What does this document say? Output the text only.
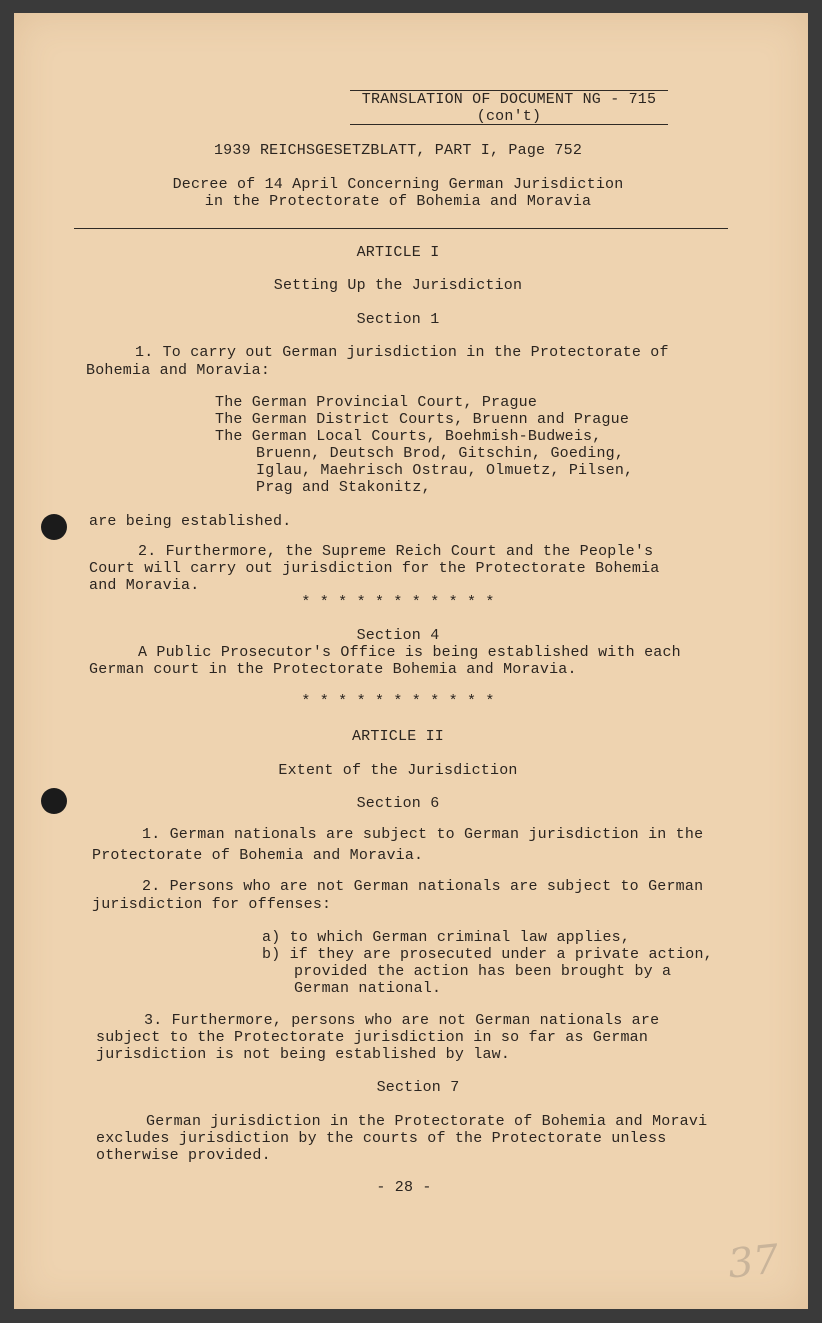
TRANSLATION OF DOCUMENT NG - 715
(con't)
1939 REICHSGESETZBLATT, PART I, Page 752
Decree of 14 April Concerning German Jurisdiction
in the Protectorate of Bohemia and Moravia
ARTICLE I
Setting Up the Jurisdiction
Section 1
1. To carry out German jurisdiction in the Protectorate of
Bohemia and Moravia:
The German Provincial Court, Prague
The German District Courts, Bruenn and Prague
The German Local Courts, Boehmish-Budweis,
Bruenn, Deutsch Brod, Gitschin, Goeding,
Iglau, Maehrisch Ostrau, Olmuetz, Pilsen,
Prag and Stakonitz,
are being established.
2. Furthermore, the Supreme Reich Court and the People's
Court will carry out jurisdiction for the Protectorate Bohemia
and Moravia.
* * * * * * * * * * *
Section 4
A Public Prosecutor's Office is being established with each
German court in the Protectorate Bohemia and Moravia.
* * * * * * * * * * *
ARTICLE II
Extent of the Jurisdiction
Section 6
1. German nationals are subject to German jurisdiction in the
Protectorate of Bohemia and Moravia.
2. Persons who are not German nationals are subject to German
jurisdiction for offenses:
a) to which German criminal law applies,
b) if they are prosecuted under a private action,
provided the action has been brought by a
German national.
3. Furthermore, persons who are not German nationals are
subject to the Protectorate jurisdiction in so far as German
jurisdiction is not being established by law.
Section 7
German jurisdiction in the Protectorate of Bohemia and Moravi
excludes jurisdiction by the courts of the Protectorate unless
otherwise provided.
- 28 -
37
